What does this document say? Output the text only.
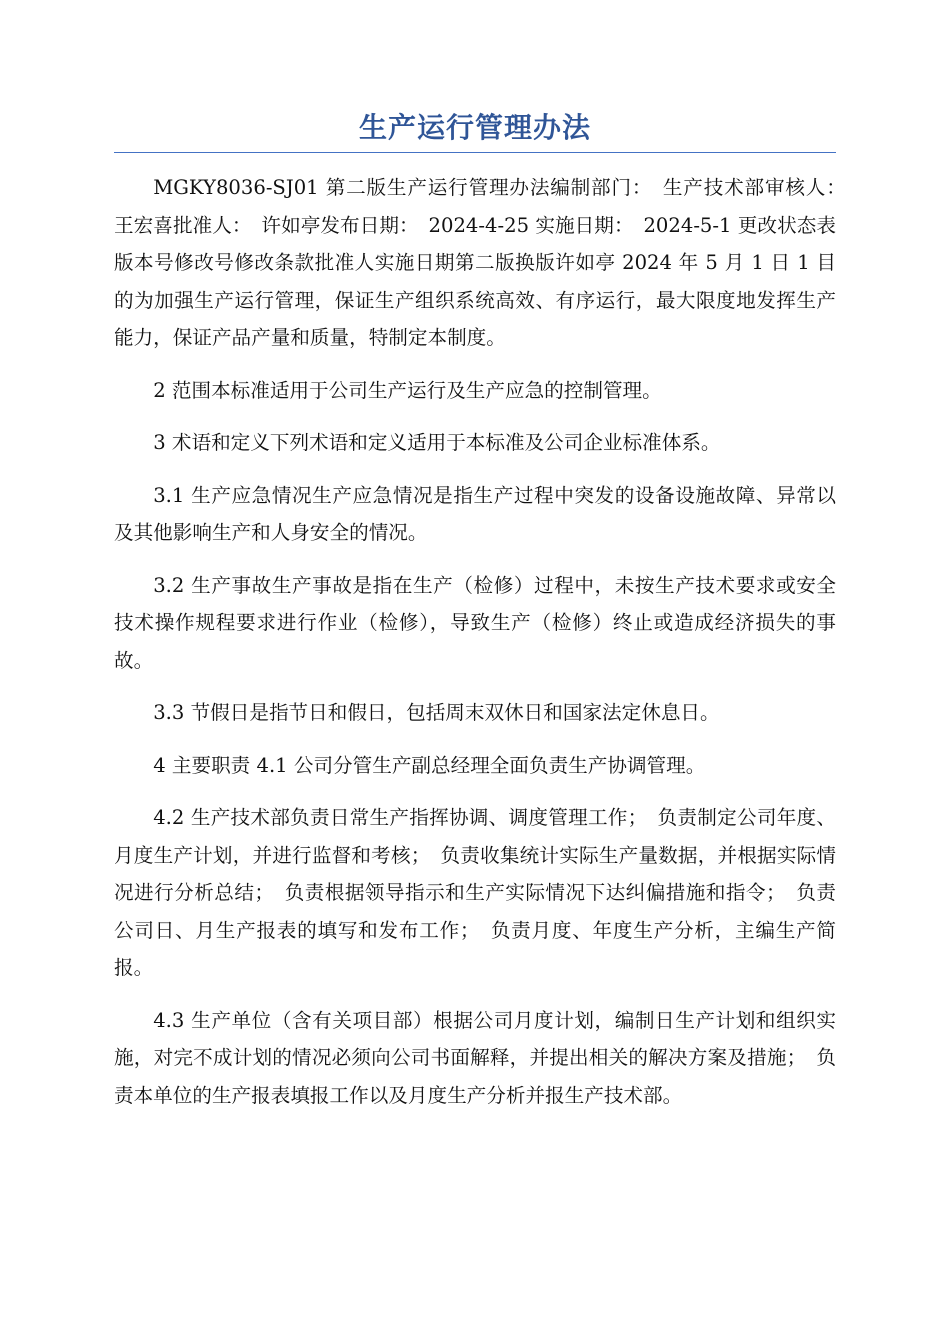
生产运行管理办法

MGKY8036-SJ01 第二版生产运行管理办法编制部门：　生产技术部审核人：　王宏喜批准人：　许如亭发布日期：　2024-4-25 实施日期：　2024-5-1 更改状态表版本号修改号修改条款批准人实施日期第二版换版许如亭 2024 年 5 月 1 日 1 目的为加强生产运行管理，保证生产组织系统高效、有序运行，最大限度地发挥生产能力，保证产品产量和质量，特制定本制度。

2 范围本标准适用于公司生产运行及生产应急的控制管理。

3 术语和定义下列术语和定义适用于本标准及公司企业标准体系。

3.1 生产应急情况生产应急情况是指生产过程中突发的设备设施故障、异常以及其他影响生产和人身安全的情况。

3.2 生产事故生产事故是指在生产（检修）过程中，未按生产技术要求或安全技术操作规程要求进行作业（检修），导致生产（检修）终止或造成经济损失的事故。

3.3 节假日是指节日和假日，包括周末双休日和国家法定休息日。

4 主要职责 4.1 公司分管生产副总经理全面负责生产协调管理。

4.2 生产技术部负责日常生产指挥协调、调度管理工作；　负责制定公司年度、月度生产计划，并进行监督和考核；　负责收集统计实际生产量数据，并根据实际情况进行分析总结；　负责根据领导指示和生产实际情况下达纠偏措施和指令；　负责公司日、月生产报表的填写和发布工作；　负责月度、年度生产分析，主编生产简报。

4.3 生产单位（含有关项目部）根据公司月度计划，编制日生产计划和组织实施，对完不成计划的情况必须向公司书面解释，并提出相关的解决方案及措施；　负责本单位的生产报表填报工作以及月度生产分析并报生产技术部。
